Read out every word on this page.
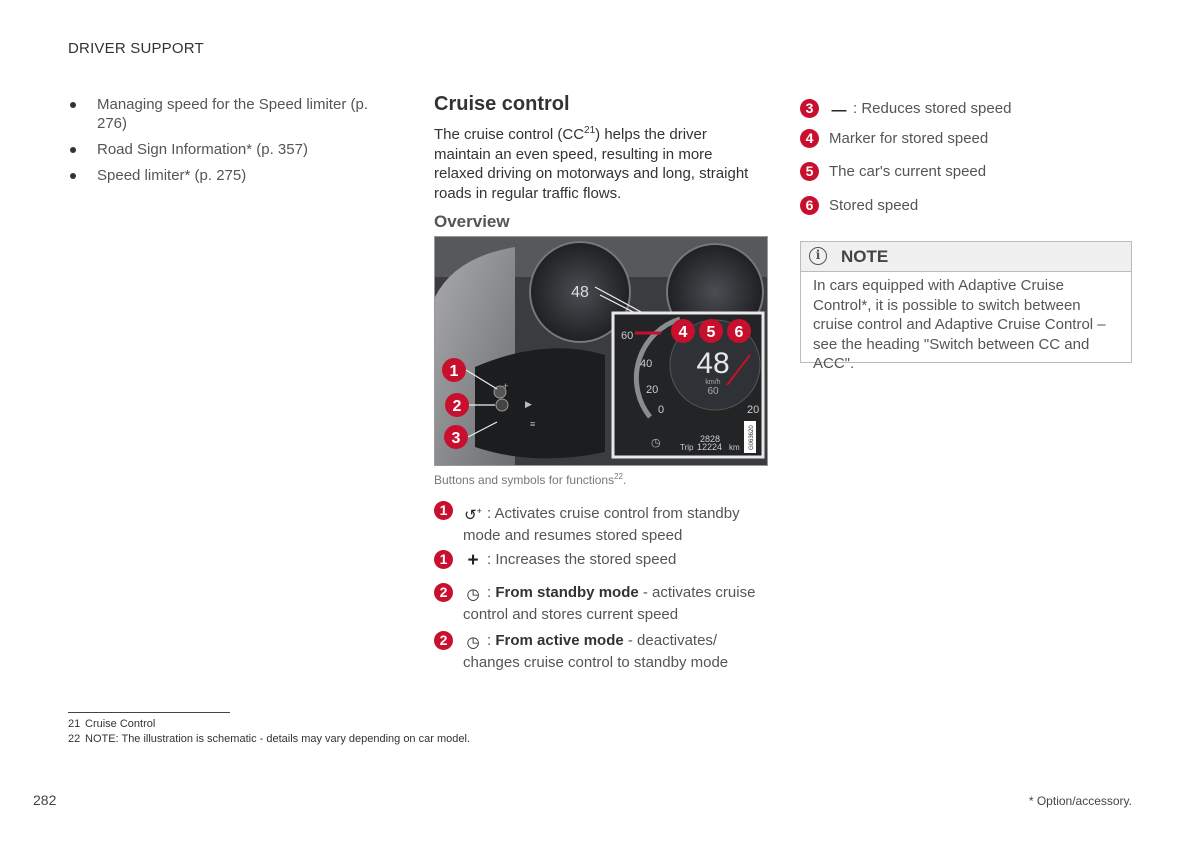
DRIVER SUPPORT
Managing speed for the Speed limiter (p. 276)
Road Sign Information* (p. 357)
Speed limiter* (p. 275)
Cruise control
The cruise control (CC$^{21}$) helps the driver maintain an even speed, resulting in more relaxed driving on motorways and long, straight roads in regular traffic flows.
Overview
48
+
▶
≡
48
km/h
60
60
40
20
0	20
◷	2828
Trip 12224 km G063620
1
2
3
4 5 6
Buttons and symbols for functions$^{22}$.
1	↺+ : Activates cruise control from standby mode and resumes stored speed
1	+ : Increases the stored speed
2	◷ : From standby mode - activates cruise control and stores current speed
2	◷ : From active mode - deactivates/ changes cruise control to standby mode
3	— : Reduces stored speed
4	Marker for stored speed
5	The car's current speed
6	Stored speed
i	NOTE
In cars equipped with Adaptive Cruise Control*, it is possible to switch between cruise control and Adaptive Cruise Control – see the heading "Switch between CC and ACC".
21 Cruise Control
22 NOTE: The illustration is schematic - details may vary depending on car model.
282	* Option/accessory.
